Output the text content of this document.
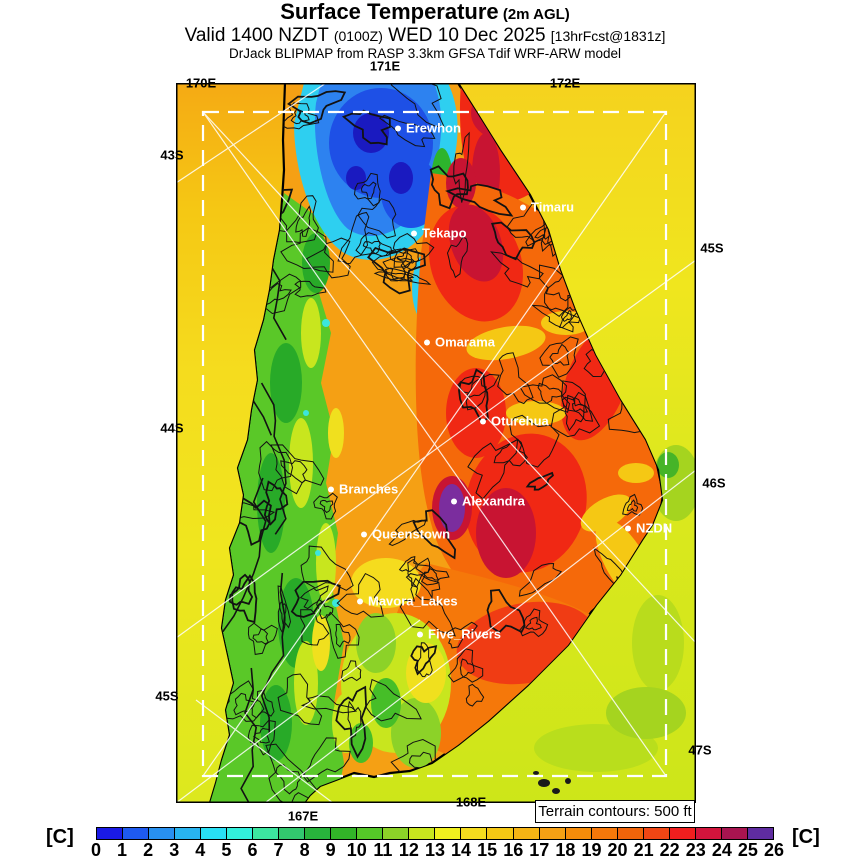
Surface Temperature (2m AGL)
Valid 1400 NZDT (0100Z) WED 10 Dec 2025 [13hrFcst@1831z]
DrJack BLIPMAP from RASP 3.3km GFSA Tdif WRF-ARW model
170E
171E
172E
167E
168E
43S
44S
45S
45S
46S
47S
Erewhon
Timaru
Tekapo
Omarama
Oturehua
Branches
Alexandra
Queenstown	NZDN
Mavora_Lakes
Five_Rivers
Terrain contours: 500 ft
[C]
0 1 2 3 4 5 6 7 8 9 10 11 12 13 14 15 16 17 18 19 20 21 22 23 24 25 26
[C]
